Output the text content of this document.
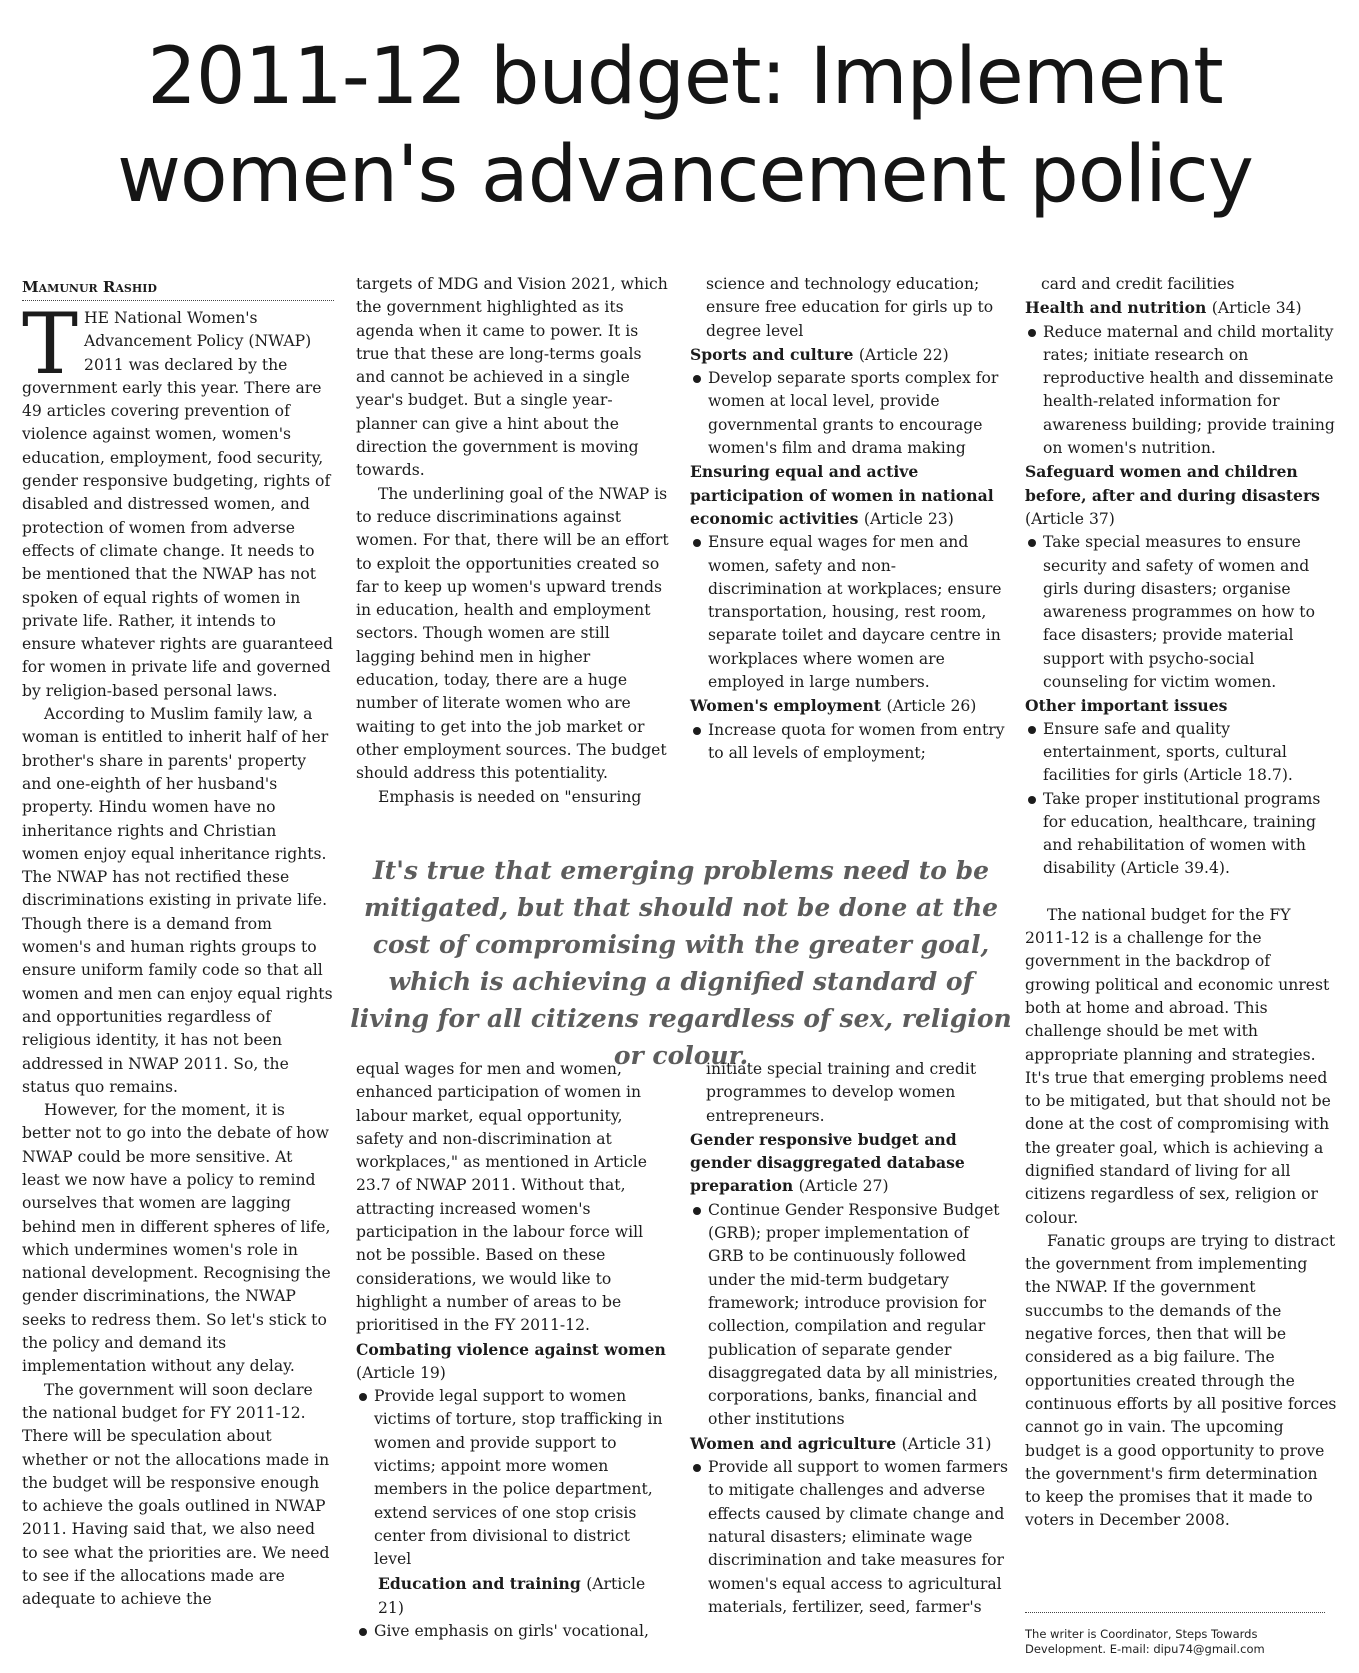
2011-12 budget: Implement
women's advancement policy
Mamunur Rashid

THE National Women's Advancement Policy (NWAP) 2011 was declared by the government early this year. There are 49 articles covering prevention of violence against women, women's education, employment, food security, gender responsive budgeting, rights of disabled and distressed women, and protection of women from adverse effects of climate change. It needs to be mentioned that the NWAP has not spoken of equal rights of women in private life. Rather, it intends to ensure whatever rights are guaranteed for women in private life and governed by religion-based personal laws.

According to Muslim family law, a woman is entitled to inherit half of her brother's share in parents' property and one-eighth of her husband's property. Hindu women have no inheritance rights and Christian women enjoy equal inheritance rights. The NWAP has not rectified these discriminations existing in private life. Though there is a demand from women's and human rights groups to ensure uniform family code so that all women and men can enjoy equal rights and opportunities regardless of religious identity, it has not been addressed in NWAP 2011. So, the status quo remains.

However, for the moment, it is better not to go into the debate of how NWAP could be more sensitive. At least we now have a policy to remind ourselves that women are lagging behind men in different spheres of life, which undermines women's role in national development. Recognising the gender discriminations, the NWAP seeks to redress them. So let's stick to the policy and demand its implementation without any delay.

The government will soon declare the national budget for FY 2011-12. There will be speculation about whether or not the allocations made in the budget will be responsive enough to achieve the goals outlined in NWAP 2011. Having said that, we also need to see what the priorities are. We need to see if the allocations made are adequate to achieve the

targets of MDG and Vision 2021, which the government highlighted as its agenda when it came to power. It is true that these are long-terms goals and cannot be achieved in a single year's budget. But a single year-planner can give a hint about the direction the government is moving towards.

The underlining goal of the NWAP is to reduce discriminations against women. For that, there will be an effort to exploit the opportunities created so far to keep up women's upward trends in education, health and employment sectors. Though women are still lagging behind men in higher education, today, there are a huge number of literate women who are waiting to get into the job market or other employment sources. The budget should address this potentiality.

Emphasis is needed on "ensuring

science and technology education; ensure free education for girls up to degree level

Sports and culture (Article 22)

Develop separate sports complex for women at local level, provide governmental grants to encourage women's film and drama making

Ensuring equal and active participation of women in national economic activities (Article 23)

Ensure equal wages for men and women, safety and non-discrimination at workplaces; ensure transportation, housing, rest room, separate toilet and daycare centre in workplaces where women are employed in large numbers.

Women's employment (Article 26)

Increase quota for women from entry to all levels of employment;

card and credit facilities

Health and nutrition (Article 34)

Reduce maternal and child mortality rates; initiate research on reproductive health and disseminate health-related information for awareness building; provide training on women's nutrition.

Safeguard women and children before, after and during disasters (Article 37)

Take special measures to ensure security and safety of women and girls during disasters; organise awareness programmes on how to face disasters; provide material support with psycho-social counseling for victim women.

Other important issues

Ensure safe and quality entertainment, sports, cultural facilities for girls (Article 18.7).
Take proper institutional programs for education, healthcare, training and rehabilitation of women with disability (Article 39.4).

The national budget for the FY 2011-12 is a challenge for the government in the backdrop of growing political and economic unrest both at home and abroad. This challenge should be met with appropriate planning and strategies. It's true that emerging problems need to be mitigated, but that should not be done at the cost of compromising with the greater goal, which is achieving a dignified standard of living for all citizens regardless of sex, religion or colour.

Fanatic groups are trying to distract the government from implementing the NWAP. If the government succumbs to the demands of the negative forces, then that will be considered as a big failure. The opportunities created through the continuous efforts by all positive forces cannot go in vain. The upcoming budget is a good opportunity to prove the government's firm determination to keep the promises that it made to voters in December 2008.

It's true that emerging problems need to be mitigated, but that should not be done at the cost of compromising with the greater goal, which is achieving a dignified standard of living for all citizens regardless of sex, religion or colour.

equal wages for men and women, enhanced participation of women in labour market, equal opportunity, safety and non-discrimination at workplaces," as mentioned in Article 23.7 of NWAP 2011. Without that, attracting increased women's participation in the labour force will not be possible. Based on these considerations, we would like to highlight a number of areas to be prioritised in the FY 2011-12.

Combating violence against women (Article 19)

Provide legal support to women victims of torture, stop trafficking in women and provide support to victims; appoint more women members in the police department, extend services of one stop crisis center from divisional to district level

Education and training (Article 21)

Give emphasis on girls' vocational,

initiate special training and credit programmes to develop women entrepreneurs.

Gender responsive budget and gender disaggregated database preparation (Article 27)

Continue Gender Responsive Budget (GRB); proper implementation of GRB to be continuously followed under the mid-term budgetary framework; introduce provision for collection, compilation and regular publication of separate gender disaggregated data by all ministries, corporations, banks, financial and other institutions

Women and agriculture (Article 31)

Provide all support to women farmers to mitigate challenges and adverse effects caused by climate change and natural disasters; eliminate wage discrimination and take measures for women's equal access to agricultural materials, fertilizer, seed, farmer's
The writer is Coordinator, Steps Towards Development. E-mail: dipu74@gmail.com
